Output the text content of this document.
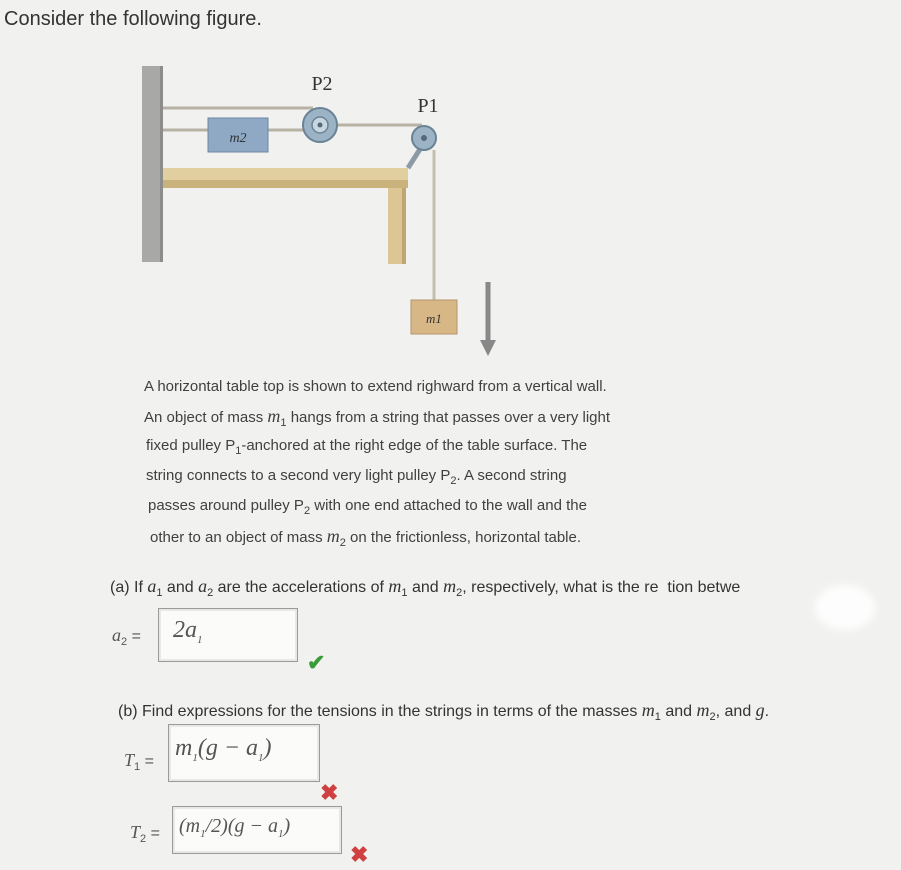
Consider the following figure.
m2
P2
P1
m1
A horizontal table top is shown to extend righward from a vertical wall.
An object of mass $m_1$ hangs from a string that passes over a very light
fixed pulley $P_1$-anchored at the right edge of the table surface. The
string connects to a second very light pulley $P_2$. A second string
passes around pulley $P_2$ with one end attached to the wall and the
other to an object of mass $m_2$ on the frictionless, horizontal table.
(a) If $a_1$ and $a_2$ are the accelerations of $m_1$ and $m_2$, respectively, what is the re  tion betwe
$a_2 = 2a_1$
✔
(b) Find expressions for the tensions in the strings in terms of the masses $m_1$ and $m_2$, and g.
$T_1$ =
$m_1(g - a_1)$
✖
$T_2 = (m_1/2)(g - a_1)$
✖
